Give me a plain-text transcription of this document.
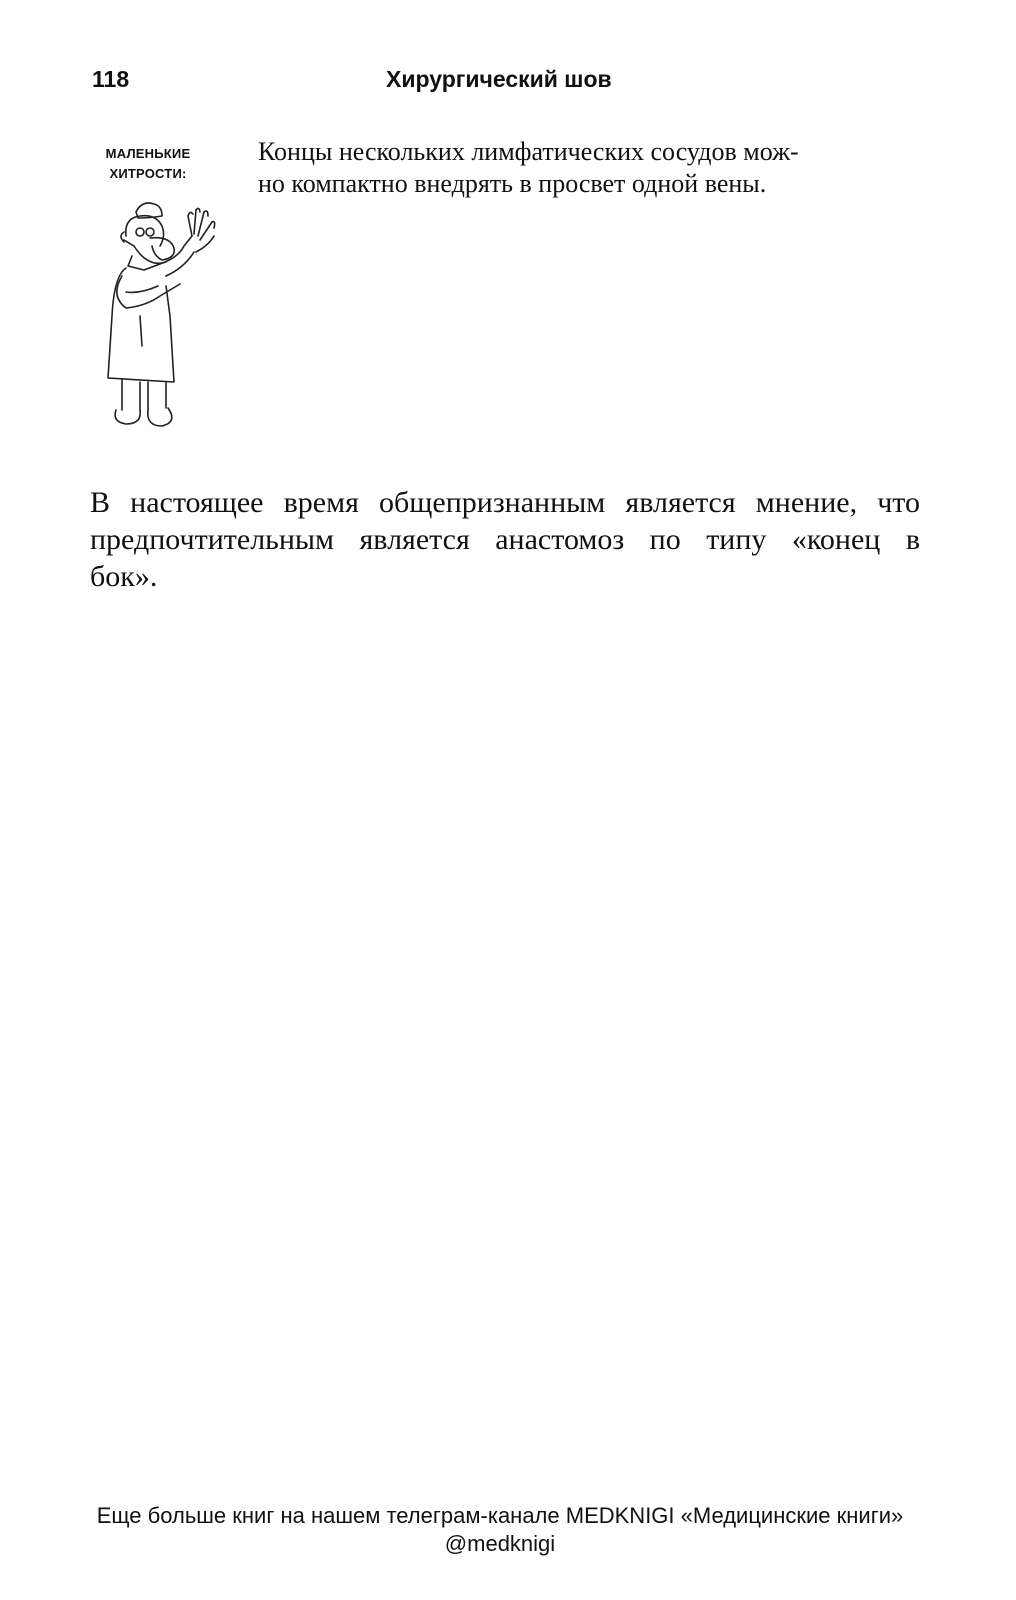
118	Хирургический шов
МАЛЕНЬКИЕ
ХИТРОСТИ:
Концы нескольких лимфатических сосудов мож-
но компактно внедрять в просвет одной вены.
В настоящее время общепризнанным является мнение, что
предпочтительным является анастомоз по типу «конец в
бок».
Еще больше книг на нашем телеграм-канале MEDKNIGI «Медицинские книги»
@medknigi
